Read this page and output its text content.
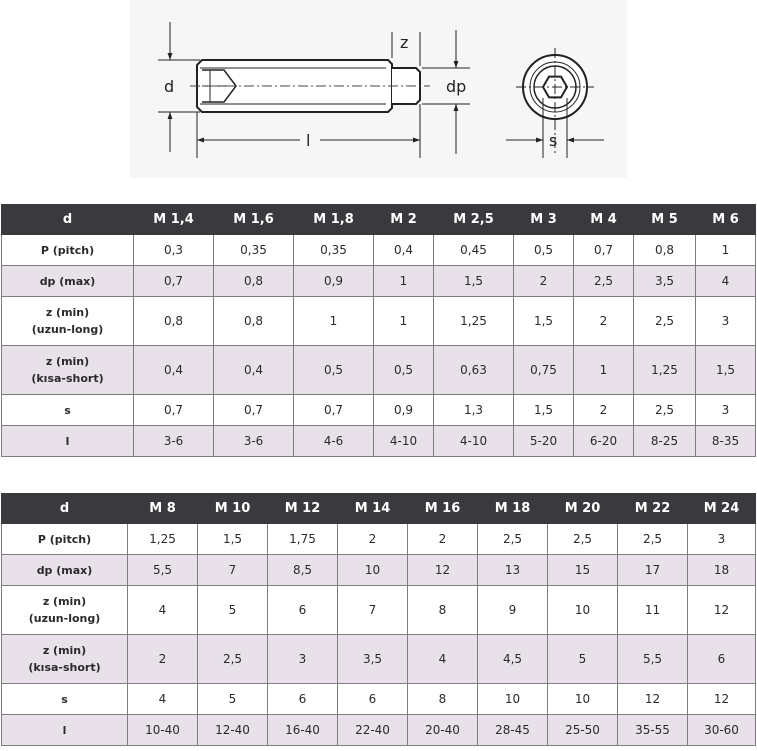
d
l
z
dp
s
d	M 1,4	M 1,6	M 1,8	M 2	M 2,5	M 3	M 4	M 5	M 6
P (pitch)	0,3	0,35	0,35	0,4	0,45	0,5	0,7	0,8	1
dp (max)	0,7	0,8	0,9	1	1,5	2	2,5	3,5	4
z (min)
(uzun-long)	0,8	0,8	1	1	1,25	1,5	2	2,5	3
z (min)
(kısa-short)	0,4	0,4	0,5	0,5	0,63	0,75	1	1,25	1,5
s	0,7	0,7	0,7	0,9	1,3	1,5	2	2,5	3
l	3-6	3-6	4-6	4-10	4-10	5-20	6-20	8-25	8-35
d	M 8	M 10	M 12	M 14	M 16	M 18	M 20	M 22	M 24
P (pitch)	1,25	1,5	1,75	2	2	2,5	2,5	2,5	3
dp (max)	5,5	7	8,5	10	12	13	15	17	18
z (min)
(uzun-long)	4	5	6	7	8	9	10	11	12
z (min)
(kısa-short)	2	2,5	3	3,5	4	4,5	5	5,5	6
s	4	5	6	6	8	10	10	12	12
l	10-40	12-40	16-40	22-40	20-40	28-45	25-50	35-55	30-60
